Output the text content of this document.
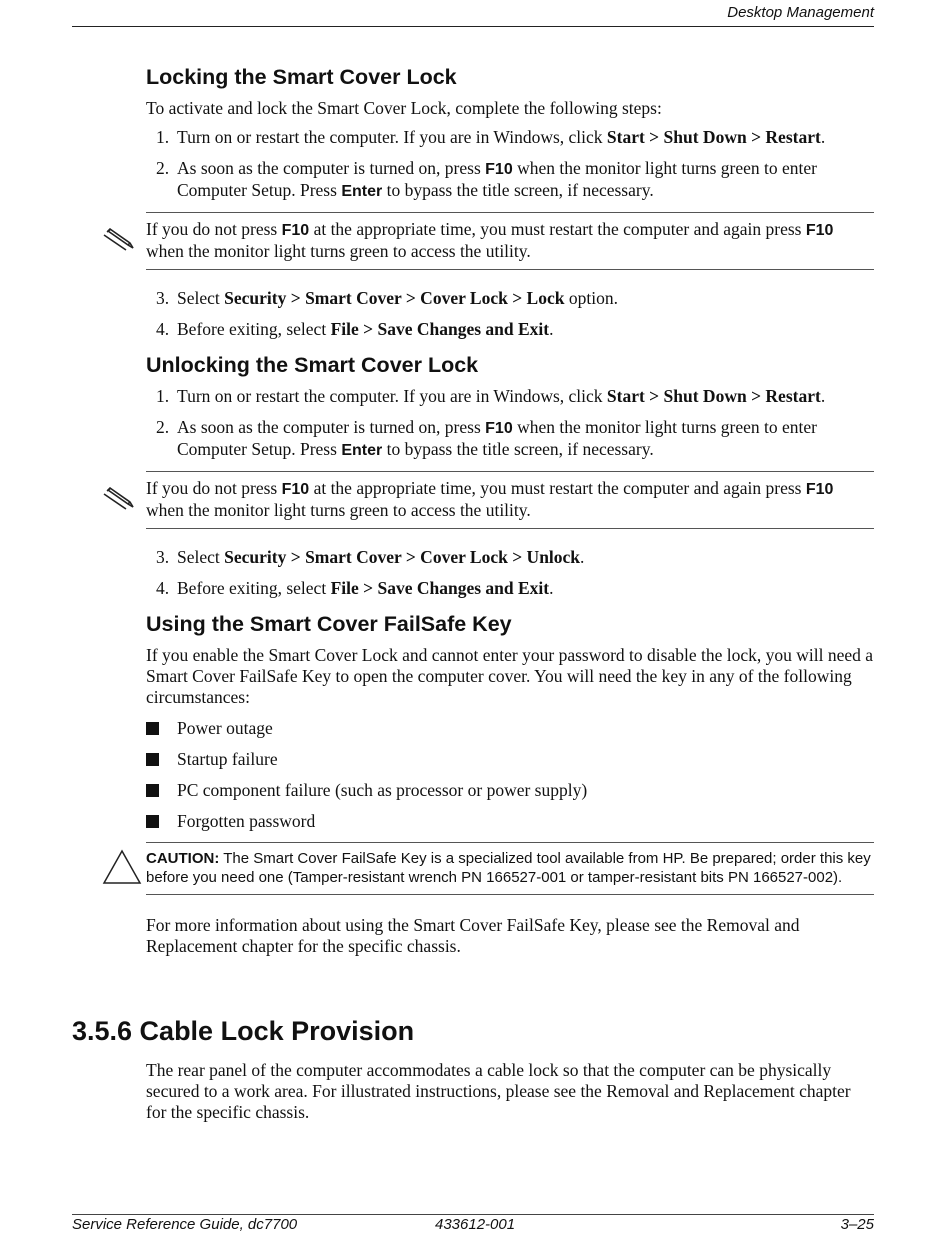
Desktop Management
Locking the Smart Cover Lock

To activate and lock the Smart Cover Lock, complete the following steps:

1. Turn on or restart the computer. If you are in Windows, click Start > Shut Down > Restart.
2. As soon as the computer is turned on, press F10 when the monitor light turns green to enter Computer Setup. Press Enter to bypass the title screen, if necessary.
If you do not press F10 at the appropriate time, you must restart the computer and again press F10 when the monitor light turns green to access the utility.
3. Select Security > Smart Cover > Cover Lock > Lock option.
4. Before exiting, select File > Save Changes and Exit.
Unlocking the Smart Cover Lock
1. Turn on or restart the computer. If you are in Windows, click Start > Shut Down > Restart.
2. As soon as the computer is turned on, press F10 when the monitor light turns green to enter Computer Setup. Press Enter to bypass the title screen, if necessary.
If you do not press F10 at the appropriate time, you must restart the computer and again press F10 when the monitor light turns green to access the utility.
3. Select Security > Smart Cover > Cover Lock > Unlock.
4. Before exiting, select File > Save Changes and Exit.
Using the Smart Cover FailSafe Key

If you enable the Smart Cover Lock and cannot enter your password to disable the lock, you will need a Smart Cover FailSafe Key to open the computer cover. You will need the key in any of the following circumstances:

Power outage
Startup failure
PC component failure (such as processor or power supply)
Forgotten password
CAUTION: The Smart Cover FailSafe Key is a specialized tool available from HP. Be prepared; order this key before you need one (Tamper-resistant wrench PN 166527-001 or tamper-resistant bits PN 166527-002).

For more information about using the Smart Cover FailSafe Key, please see the Removal and Replacement chapter for the specific chassis.

3.5.6 Cable Lock Provision

The rear panel of the computer accommodates a cable lock so that the computer can be physically secured to a work area. For illustrated instructions, please see the Removal and Replacement chapter for the specific chassis.

Service Reference Guide, dc7700	433612-001	3–25
